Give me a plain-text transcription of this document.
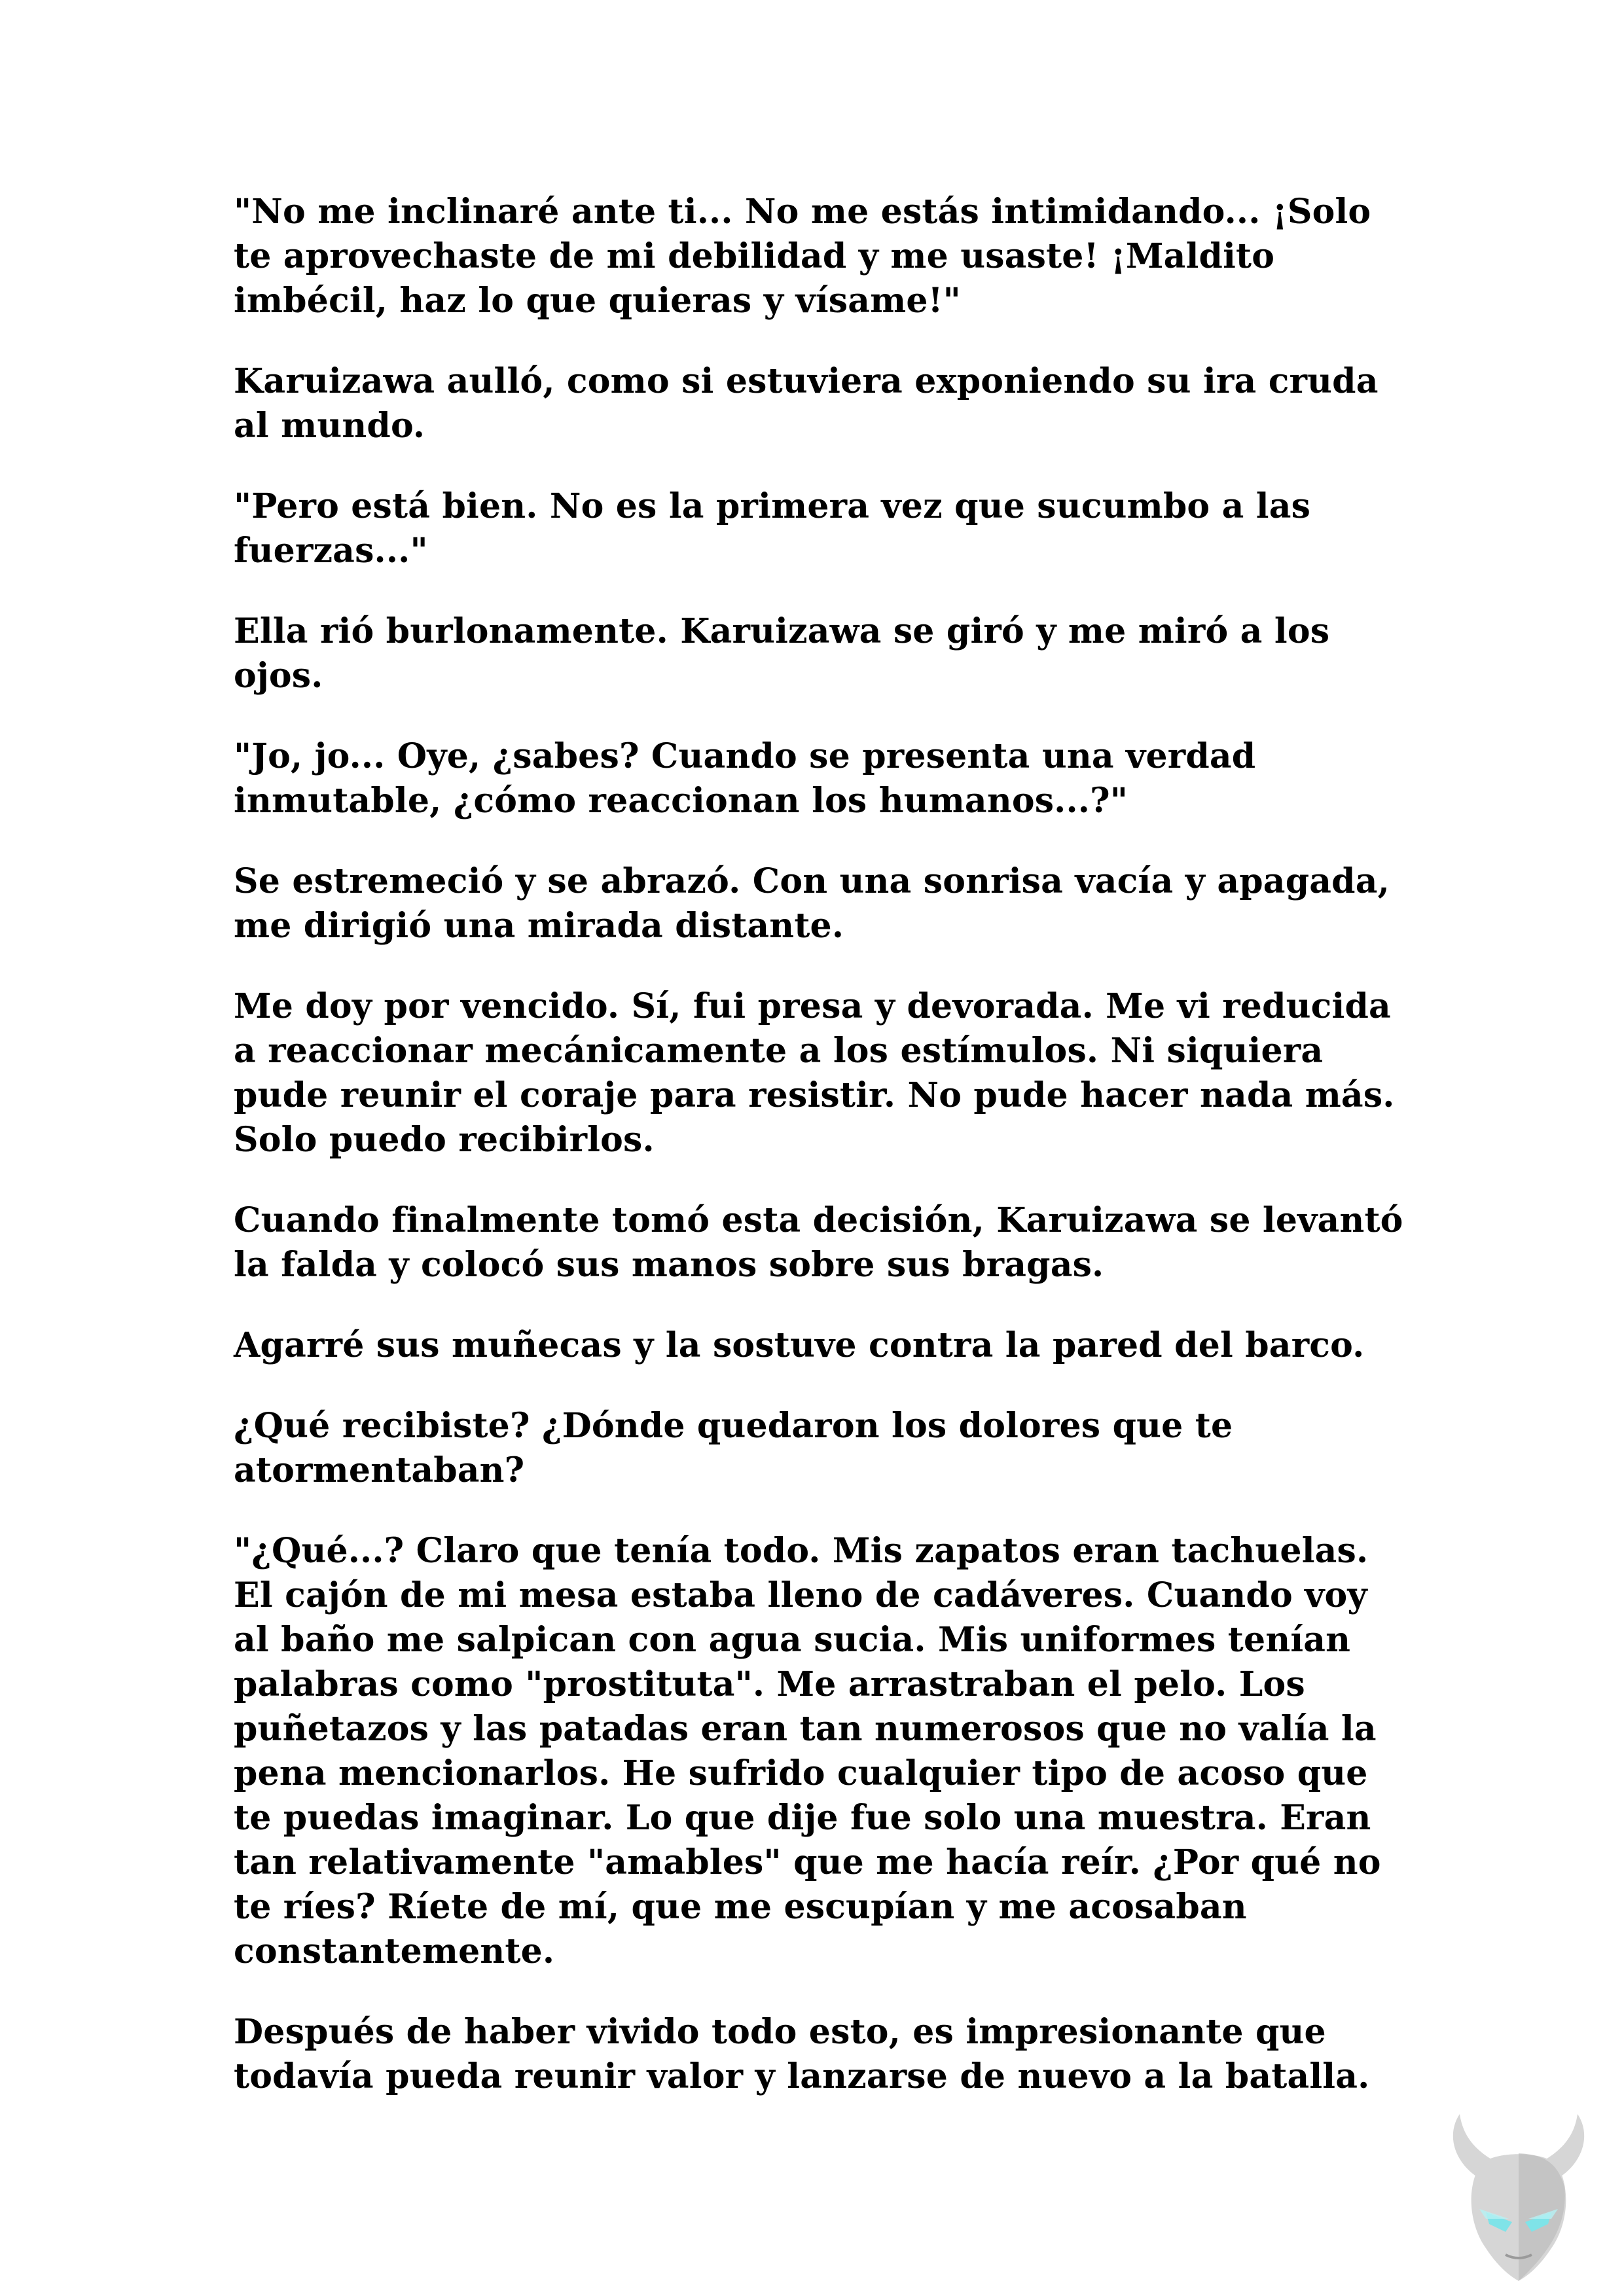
"No me inclinaré ante ti... No me estás intimidando... ¡Solo te aprovechaste de mi debilidad y me usaste! ¡Maldito imbécil, haz lo que quieras y vísame!"

Karuizawa aulló, como si estuviera exponiendo su ira cruda al mundo.

"Pero está bien. No es la primera vez que sucumbo a las fuerzas..."

Ella rió burlonamente. Karuizawa se giró y me miró a los ojos.

"Jo, jo... Oye, ¿sabes? Cuando se presenta una verdad inmutable, ¿cómo reaccionan los humanos...?"

Se estremeció y se abrazó. Con una sonrisa vacía y apagada, me dirigió una mirada distante.

Me doy por vencido. Sí, fui presa y devorada. Me vi reducida a reaccionar mecánicamente a los estímulos. Ni siquiera pude reunir el coraje para resistir. No pude hacer nada más. Solo puedo recibirlos.

Cuando finalmente tomó esta decisión, Karuizawa se levantó la falda y colocó sus manos sobre sus bragas.

Agarré sus muñecas y la sostuve contra la pared del barco.

¿Qué recibiste? ¿Dónde quedaron los dolores que te atormentaban?

"¿Qué...? Claro que tenía todo. Mis zapatos eran tachuelas. El cajón de mi mesa estaba lleno de cadáveres. Cuando voy al baño me salpican con agua sucia. Mis uniformes tenían palabras como "prostituta". Me arrastraban el pelo. Los puñetazos y las patadas eran tan numerosos que no valía la pena mencionarlos. He sufrido cualquier tipo de acoso que te puedas imaginar. Lo que dije fue solo una muestra. Eran tan relativamente "amables" que me hacía reír. ¿Por qué no te ríes? Ríete de mí, que me escupían y me acosaban constantemente.

Después de haber vivido todo esto, es impresionante que todavía pueda reunir valor y lanzarse de nuevo a la batalla.
